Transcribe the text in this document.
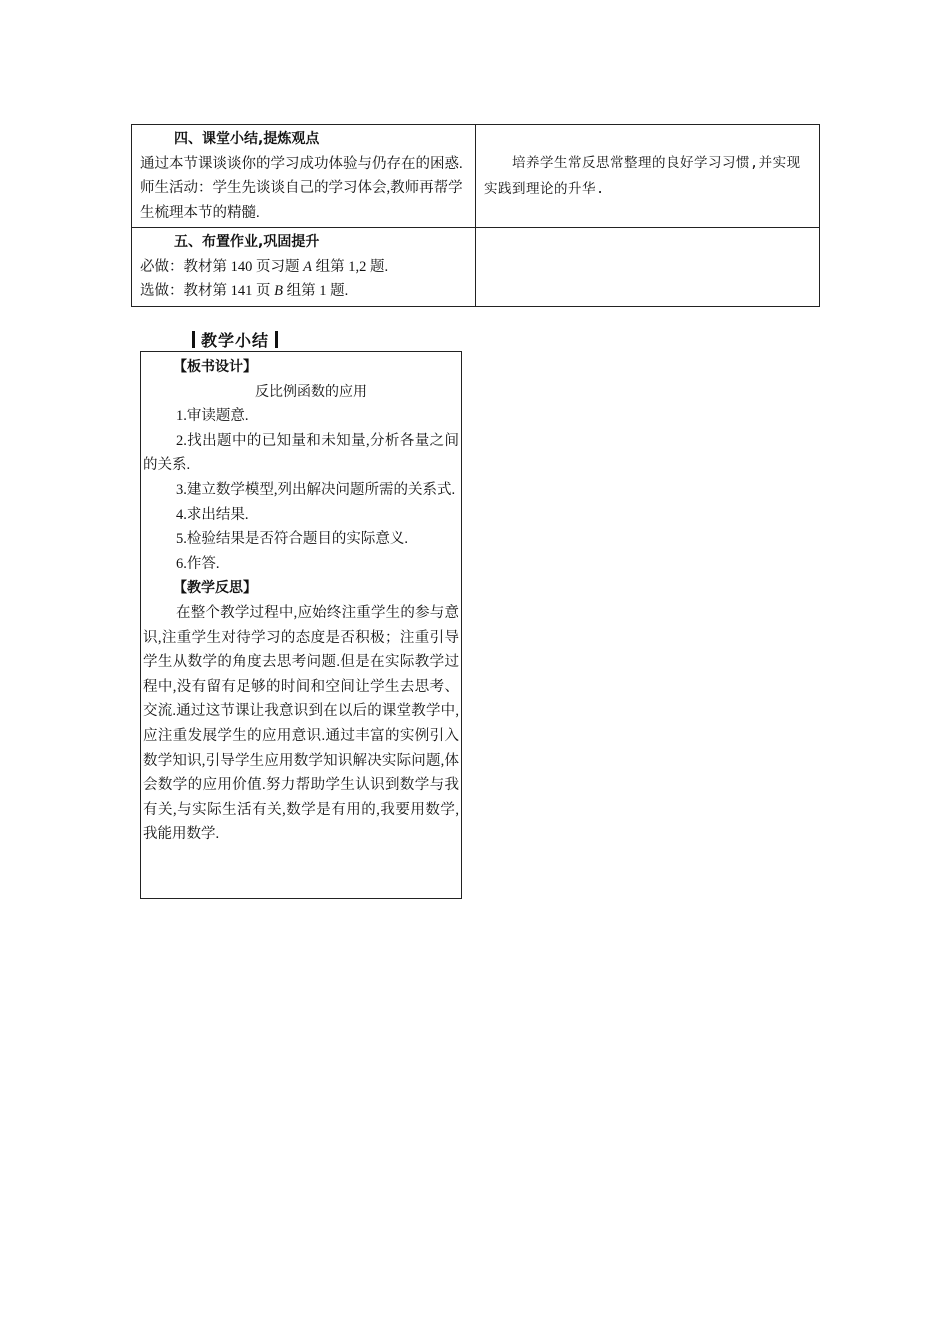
四、课堂小结,提炼观点
通过本节课谈谈你的学习成功体验与仍存在的困惑.
师生活动：学生先谈谈自己的学习体会,教师再帮学生梳理本节的精髓.	培养学生常反思常整理的良好学习习惯,并实现实践到理论的升华.

五、布置作业,巩固提升
必做：教材第 140 页习题 A 组第 1,2 题.
选做：教材第 141 页 B 组第 1 题.	

教学小结

【板书设计】

反比例函数的应用

1.审读题意.

2.找出题中的已知量和未知量,分析各量之间的关系.

3.建立数学模型,列出解决问题所需的关系式.

4.求出结果.

5.检验结果是否符合题目的实际意义.

6.作答.

【教学反思】

在整个教学过程中,应始终注重学生的参与意识,注重学生对待学习的态度是否积极；注重引导学生从数学的角度去思考问题.但是在实际教学过程中,没有留有足够的时间和空间让学生去思考、交流.通过这节课让我意识到在以后的课堂教学中,应注重发展学生的应用意识.通过丰富的实例引入数学知识,引导学生应用数学知识解决实际问题,体会数学的应用价值.努力帮助学生认识到数学与我有关,与实际生活有关,数学是有用的,我要用数学,我能用数学.
